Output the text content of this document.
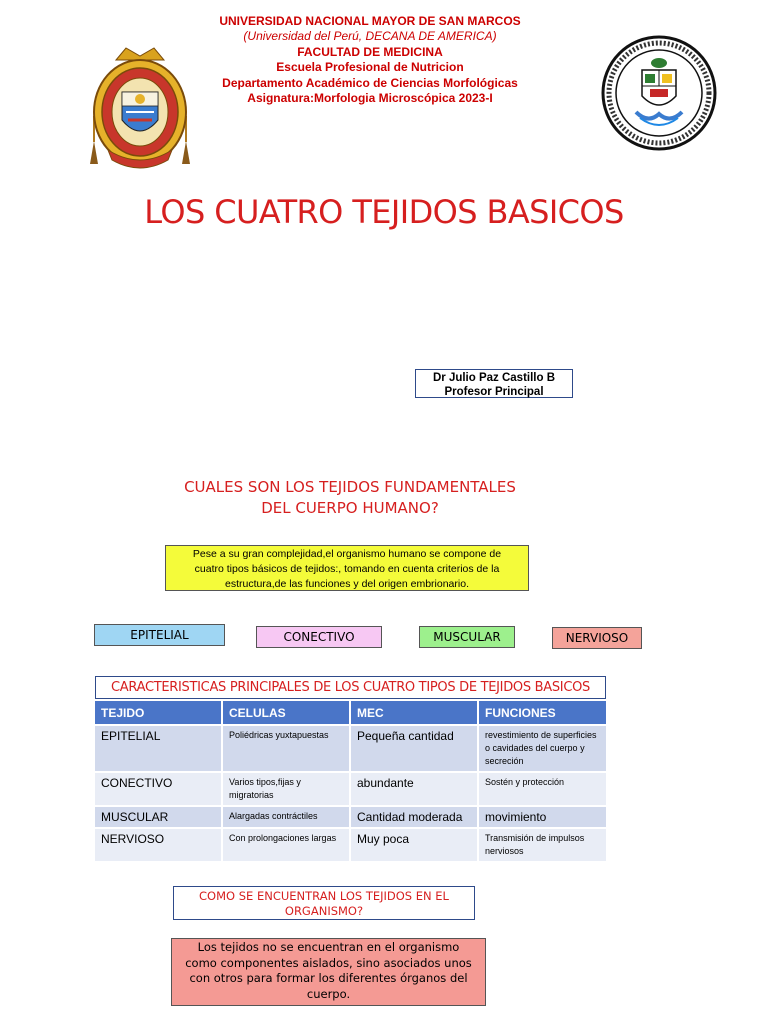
UNIVERSIDAD NACIONAL MAYOR DE SAN MARCOS
(Universidad del Perú, DECANA DE AMERICA)
FACULTAD DE MEDICINA
Escuela Profesional de Nutricion
Departamento Académico de Ciencias Morfológicas
Asignatura:Morfologia Microscópica 2023-I
LOS CUATRO TEJIDOS BASICOS
Dr Julio Paz Castillo B
Profesor Principal
CUALES SON LOS TEJIDOS FUNDAMENTALES
DEL CUERPO HUMANO?
Pese a su gran complejidad,el organismo humano se compone de
cuatro tipos básicos de tejidos:, tomando en cuenta criterios de la
estructura,de las funciones y del origen embrionario.
EPITELIAL	CONECTIVO	MUSCULAR	NERVIOSO
CARACTERISTICAS PRINCIPALES DE LOS CUATRO TIPOS DE TEJIDOS BASICOS
TEJIDO	CELULAS	MEC	FUNCIONES
EPITELIAL	Poliédricas yuxtapuestas	Pequeña cantidad	revestimiento de superficies o cavidades del cuerpo y secreción
CONECTIVO	Varios tipos,fijas y migratorias	abundante	Sostén y protección
MUSCULAR	Alargadas contráctiles	Cantidad moderada	movimiento
NERVIOSO	Con prolongaciones largas	Muy poca	Transmisión de impulsos nerviosos
COMO SE ENCUENTRAN LOS TEJIDOS EN EL
ORGANISMO?
Los tejidos no se encuentran en el organismo
como componentes aislados, sino asociados unos
con otros para formar los diferentes órganos del
cuerpo.
